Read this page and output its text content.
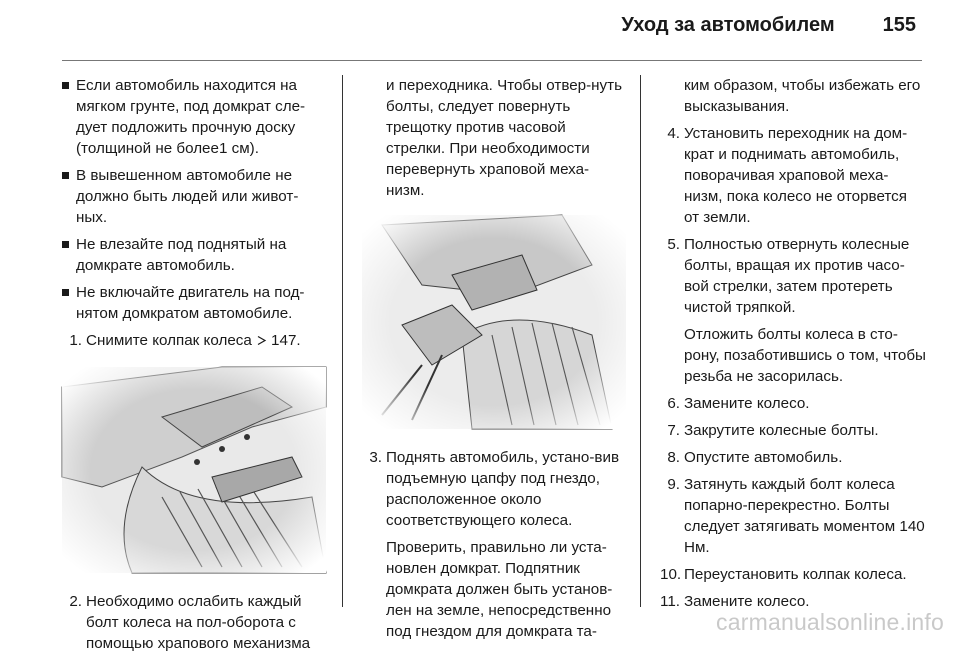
Уход за автомобилем 155
Если автомобиль находится на мягком грунте, под домкрат сле-дует подложить прочную доску (толщиной не более1 см).
В вывешенном автомобиле не должно быть людей или живот-ных.
Не влезайте под поднятый на домкрате автомобиль.
Не включайте двигатель на под-нятом домкратом автомобиле.
1. Снимите колпак колеса 147.
2. Необходимо ослабить каждый болт колеса на пол-оборота с помощью храпового механизма
и переходника. Чтобы отвер-нуть болты, следует повернуть трещотку против часовой стрелки. При необходимости перевернуть храповой меха-низм.
3. Поднять автомобиль, устано-вив подъемную цапфу под гнездо, расположенное около соответствующего колеса.
Проверить, правильно ли уста-новлен домкрат. Подпятник домкрата должен быть установ-лен на земле, непосредственно под гнездом для домкрата та-
ким образом, чтобы избежать его высказывания.
4. Установить переходник на дом-крат и поднимать автомобиль, поворачивая храповой меха-низм, пока колесо не оторвется от земли.
5. Полностью отвернуть колесные болты, вращая их против часо-вой стрелки, затем протереть чистой тряпкой.
Отложить болты колеса в сто-рону, позаботившись о том, чтобы резьба не засорилась.
6. Замените колесо.
7. Закрутите колесные болты.
8. Опустите автомобиль.
9. Затянуть каждый болт колеса попарно-перекрестно. Болты следует затягивать моментом 140 Нм.
10. Переустановить колпак колеса.
11. Замените колесо.
carmanualsonline.info
